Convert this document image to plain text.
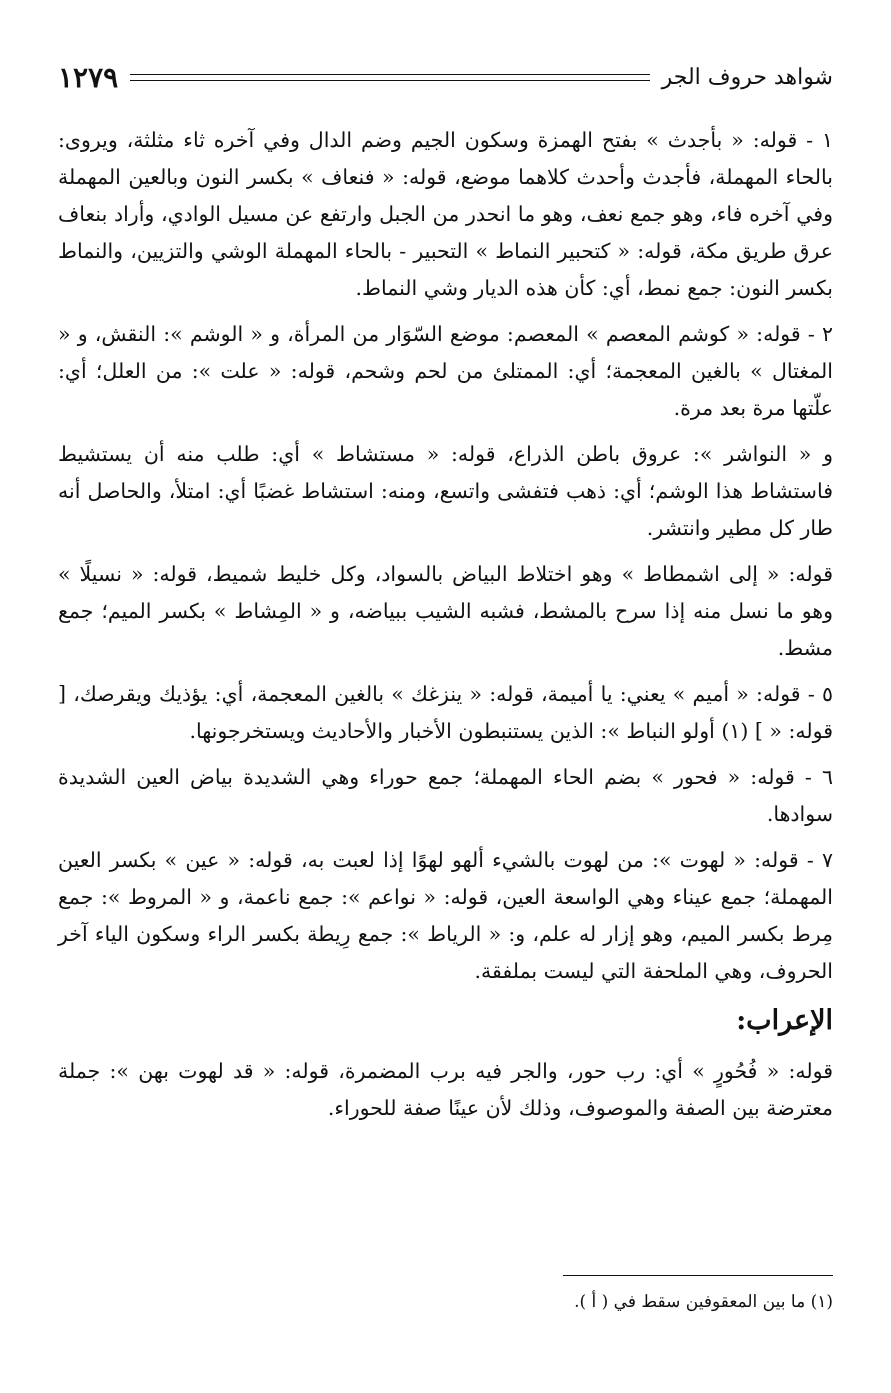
شواهد حروف الجر
١٢٧٩

١ - قوله: « بأجدث » بفتح الهمزة وسكون الجيم وضم الدال وفي آخره ثاء مثلثة، ويروى: بالحاء المهملة، فأجدث وأحدث كلاهما موضع، قوله: « فنعاف » بكسر النون وبالعين المهملة وفي آخره فاء، وهو جمع نعف، وهو ما انحدر من الجبل وارتفع عن مسيل الوادي، وأراد بنعاف عرق طريق مكة، قوله: « كتحبير النماط » التحبير - بالحاء المهملة الوشي والتزيين، والنماط بكسر النون: جمع نمط، أي: كأن هذه الديار وشي النماط.

٢ - قوله: « كوشم المعصم » المعصم: موضع السّوَار من المرأة، و « الوشم »: النقش، و « المغتال » بالغين المعجمة؛ أي: الممتلئ من لحم وشحم، قوله: « علت »: من العلل؛ أي: علّتها مرة بعد مرة.

و « النواشر »: عروق باطن الذراع، قوله: « مستشاط » أي: طلب منه أن يستشيط فاستشاط هذا الوشم؛ أي: ذهب فتفشى واتسع، ومنه: استشاط غضبًا أي: امتلأ، والحاصل أنه طار كل مطير وانتشر.

قوله: « إلى اشمطاط » وهو اختلاط البياض بالسواد، وكل خليط شميط، قوله: « نسيلًا » وهو ما نسل منه إذا سرح بالمشط، فشبه الشيب ببياضه، و « المِشاط » بكسر الميم؛ جمع مشط.

٥ - قوله: « أميم » يعني: يا أميمة، قوله: « ينزغك » بالغين المعجمة، أي: يؤذيك ويقرصك، [ قوله: « ] (١) أولو النباط »: الذين يستنبطون الأخبار والأحاديث ويستخرجونها.

٦ - قوله: « فحور » بضم الحاء المهملة؛ جمع حوراء وهي الشديدة بياض العين الشديدة سوادها.

٧ - قوله: « لهوت »: من لهوت بالشيء ألهو لهوًا إذا لعبت به، قوله: « عين » بكسر العين المهملة؛ جمع عيناء وهي الواسعة العين، قوله: « نواعم »: جمع ناعمة، و « المروط »: جمع مِرط بكسر الميم، وهو إزار له علم، و: « الرياط »: جمع رِيطة بكسر الراء وسكون الياء آخر الحروف، وهي الملحفة التي ليست بملفقة.

الإعراب:

قوله: « فُحُورٍ » أي: رب حور، والجر فيه برب المضمرة، قوله: « قد لهوت بهن »: جملة معترضة بين الصفة والموصوف، وذلك لأن عينًا صفة للحوراء.

(١) ما بين المعقوفين سقط في ( أ ).
